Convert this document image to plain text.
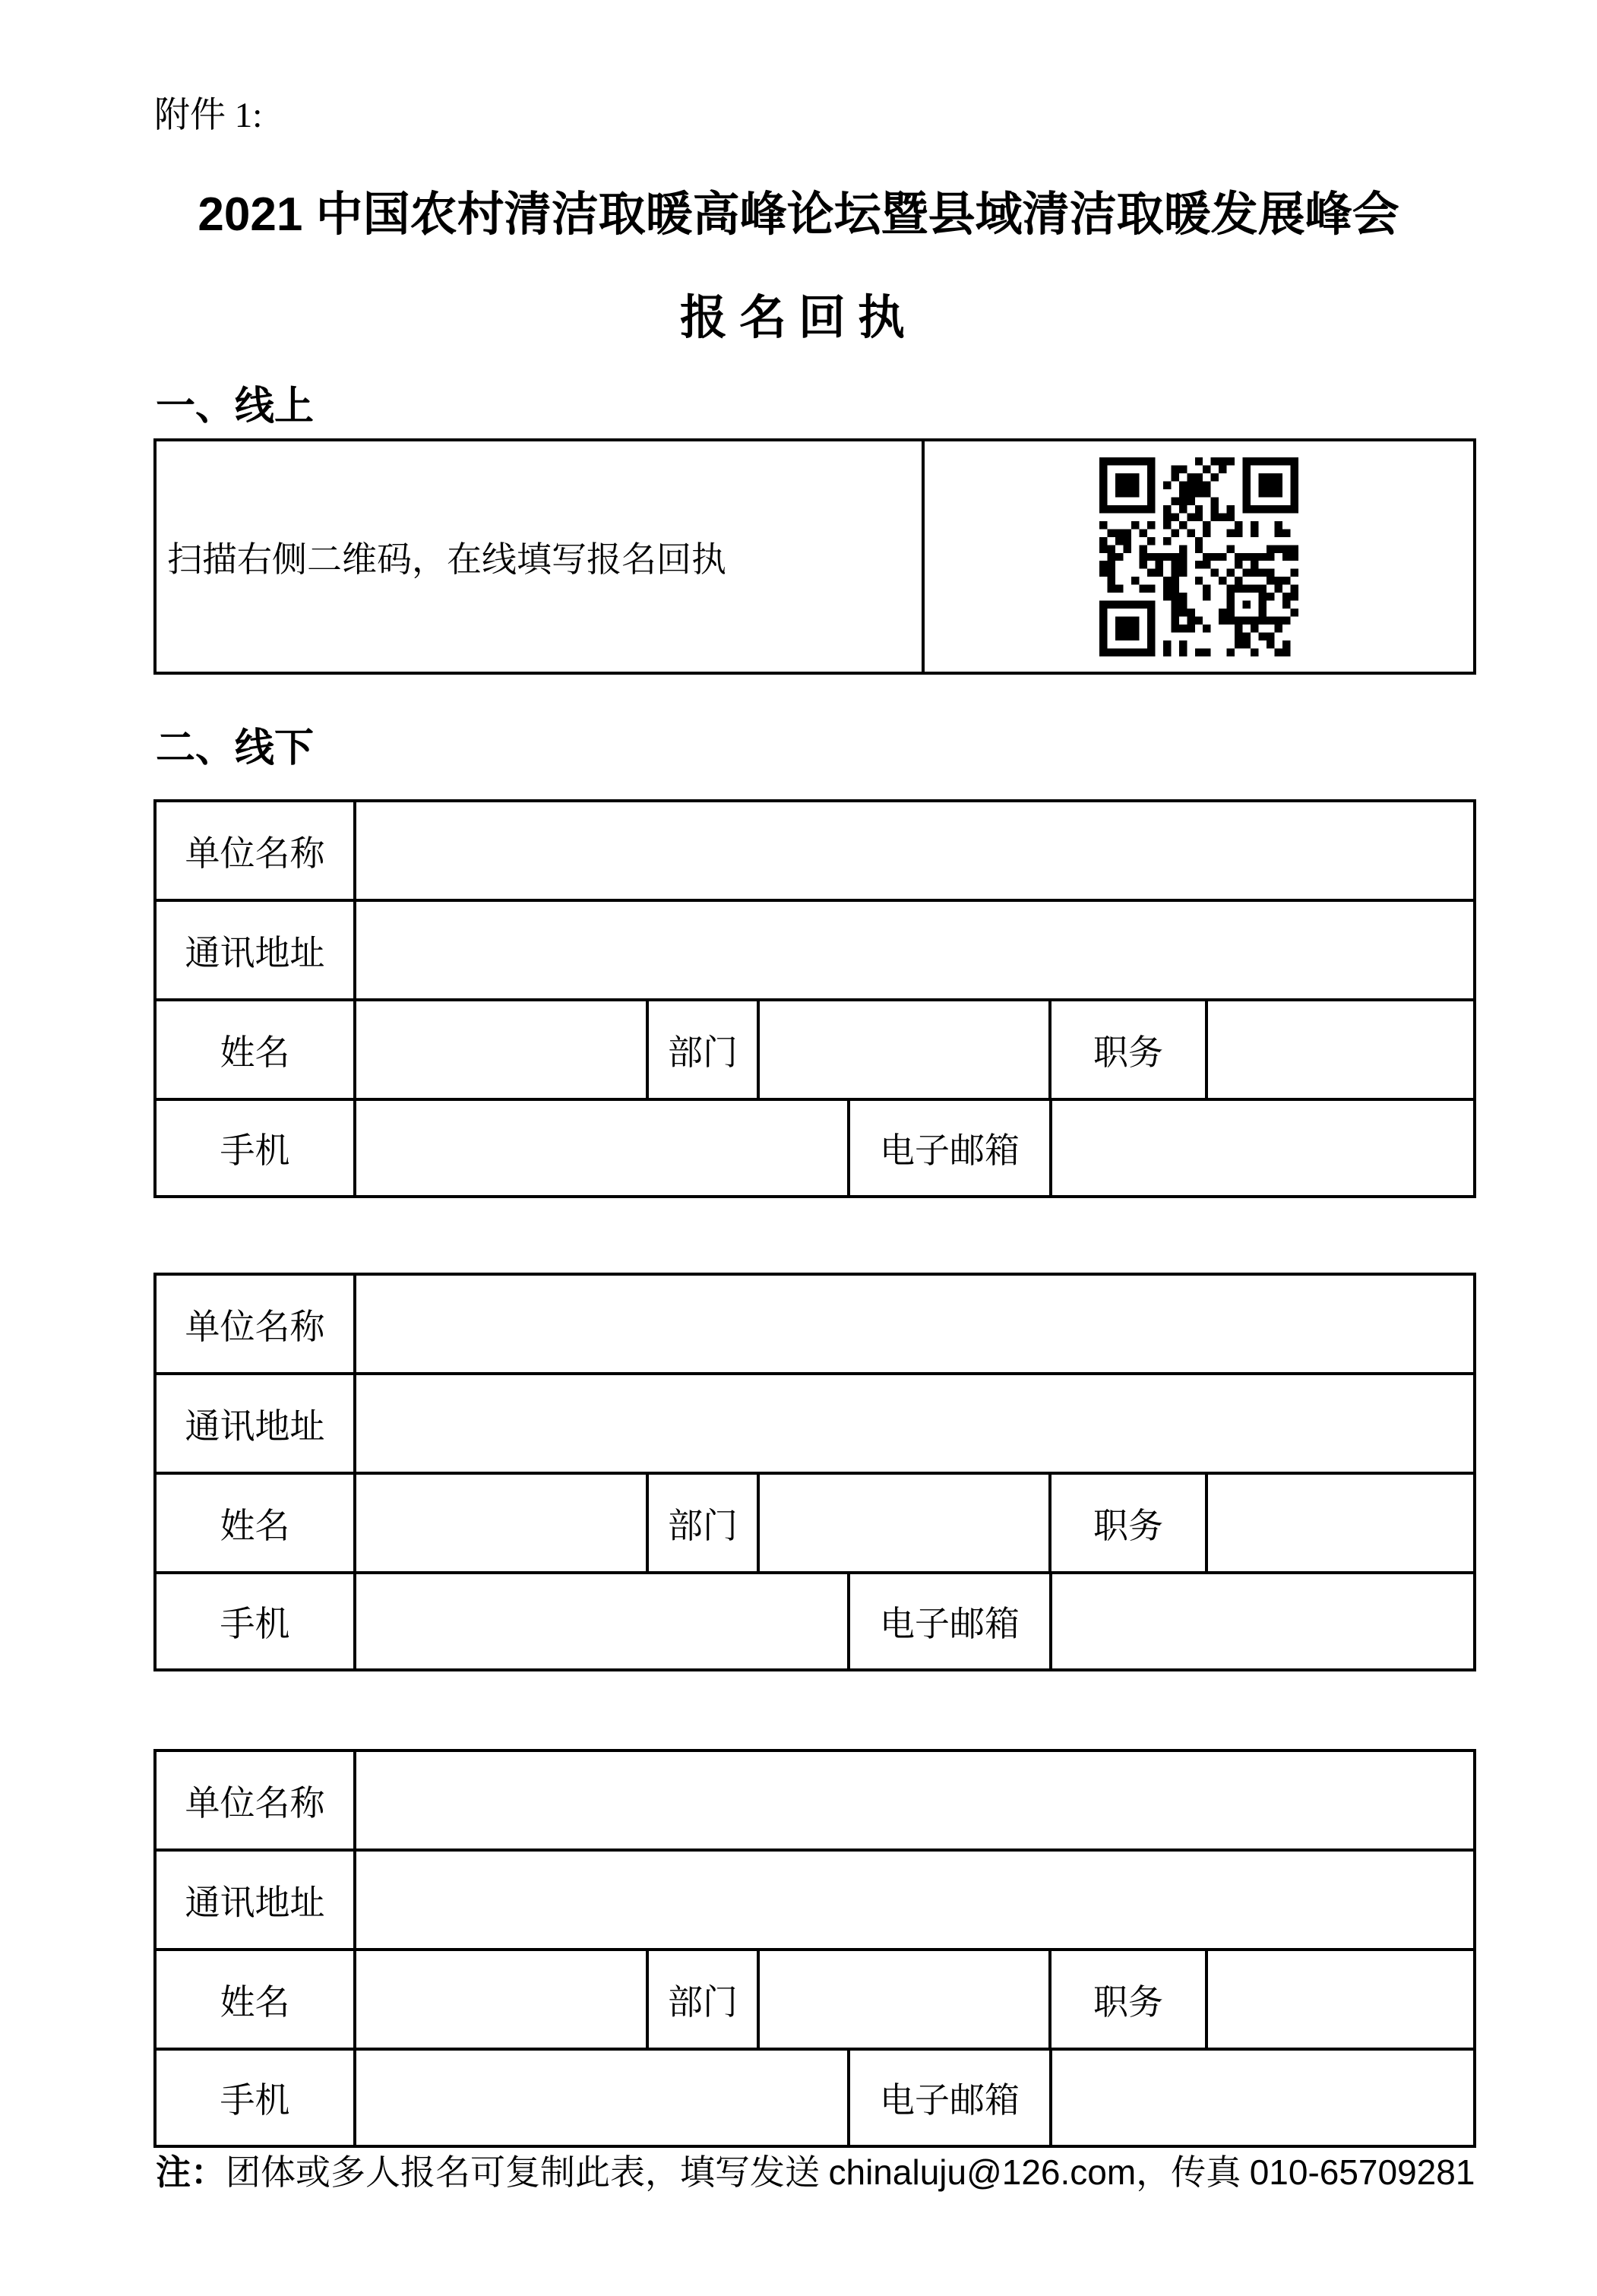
附件 1:
2021 中国农村清洁取暖高峰论坛暨县域清洁取暖发展峰会
报名回执
一、线上
扫描右侧二维码，在线填写报名回执
二、线下
单位名称
通讯地址
姓名	部门	职务
手机	电子邮箱
单位名称
通讯地址
姓名	部门	职务
手机	电子邮箱
单位名称
通讯地址
姓名	部门	职务
手机	电子邮箱
注：团体或多人报名可复制此表，填写发送 chinaluju@126.com，传真 010-65709281
